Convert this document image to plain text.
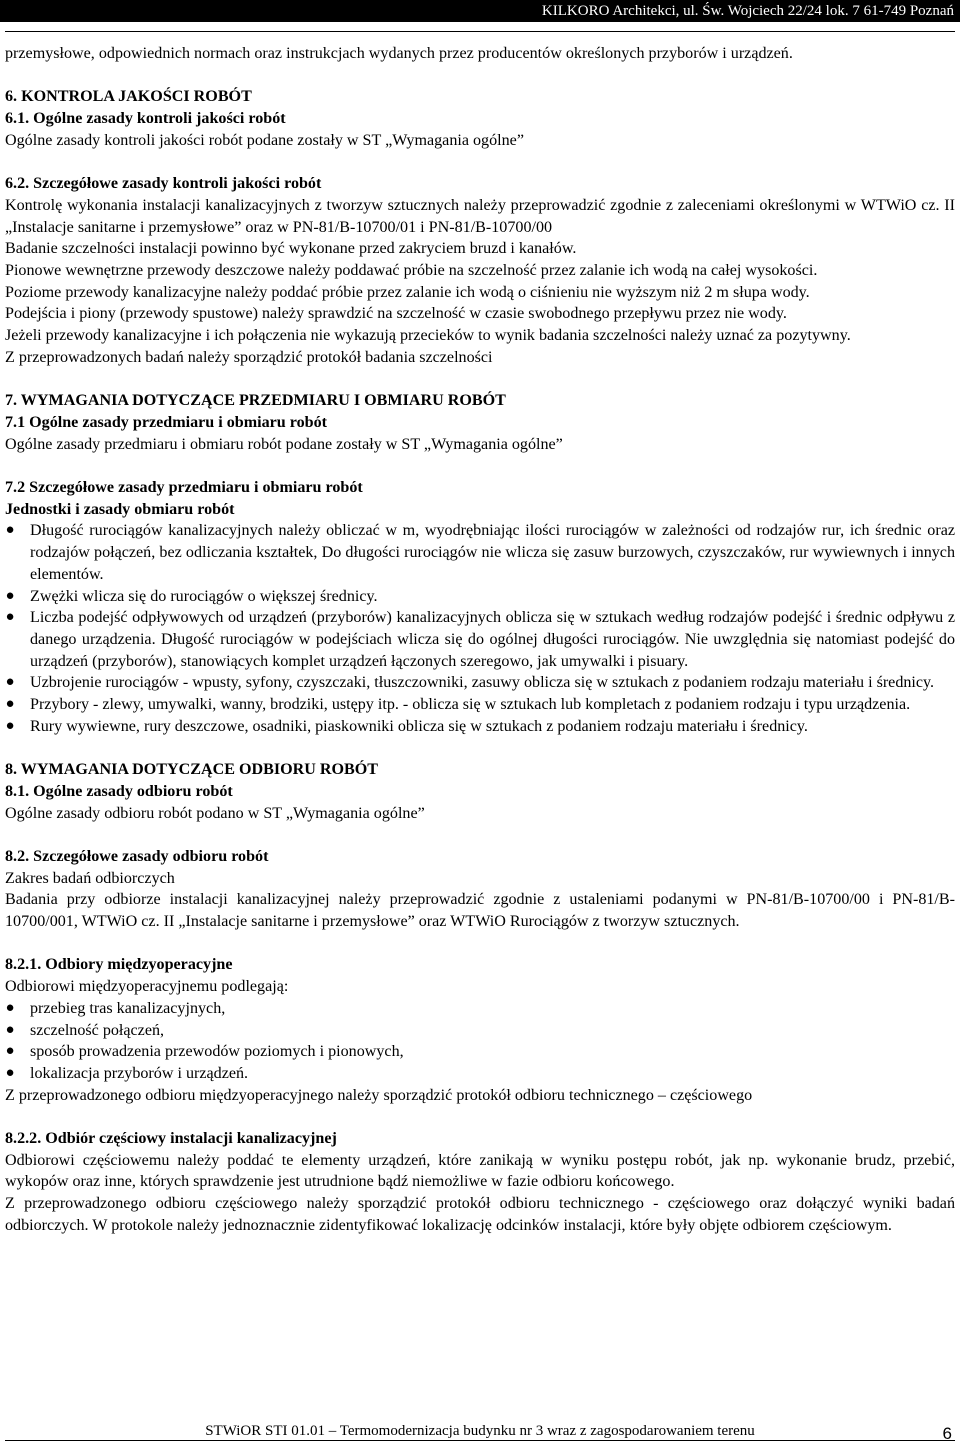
KILKORO Architekci, ul. Św. Wojciech 22/24 lok. 7 61-749 Poznań

przemysłowe, odpowiednich normach oraz instrukcjach wydanych przez producentów określonych przyborów i urządzeń.

6. KONTROLA JAKOŚCI ROBÓT

6.1. Ogólne zasady kontroli jakości robót

Ogólne zasady kontroli jakości robót podane zostały w ST „Wymagania ogólne”

6.2. Szczegółowe zasady kontroli jakości robót

Kontrolę wykonania instalacji kanalizacyjnych z tworzyw sztucznych należy przeprowadzić zgodnie z zaleceniami określonymi w WTWiO cz. II „Instalacje sanitarne i przemysłowe” oraz w PN-81/B-10700/01 i PN-81/B-10700/00

Badanie szczelności instalacji powinno być wykonane przed zakryciem bruzd i kanałów.

Pionowe wewnętrzne przewody deszczowe należy poddawać próbie na szczelność przez zalanie ich wodą na całej wysokości.

Poziome przewody kanalizacyjne należy poddać próbie przez zalanie ich wodą o ciśnieniu nie wyższym niż 2 m słupa wody.

Podejścia i piony (przewody spustowe) należy sprawdzić na szczelność w czasie swobodnego przepływu przez nie wody.

Jeżeli przewody kanalizacyjne i ich połączenia nie wykazują przecieków to wynik badania szczelności należy uznać za pozytywny.

Z przeprowadzonych badań należy sporządzić protokół badania szczelności

7. WYMAGANIA DOTYCZĄCE PRZEDMIARU I OBMIARU ROBÓT

7.1 Ogólne zasady przedmiaru i obmiaru robót

Ogólne zasady przedmiaru i obmiaru robót podane zostały w ST „Wymagania ogólne”

7.2 Szczegółowe zasady przedmiaru i obmiaru robót

Jednostki i zasady obmiaru robót

● Długość rurociągów kanalizacyjnych należy obliczać w m, wyodrębniając ilości rurociągów w zależności od rodzajów rur, ich średnic oraz rodzajów połączeń, bez odliczania kształtek, Do długości rurociągów nie wlicza się zasuw burzowych, czyszczaków, rur wywiewnych i innych elementów.
● Zwężki wlicza się do rurociągów o większej średnicy.
● Liczba podejść odpływowych od urządzeń (przyborów) kanalizacyjnych oblicza się w sztukach według rodzajów podejść i średnic odpływu z danego urządzenia. Długość rurociągów w podejściach wlicza się do ogólnej długości rurociągów. Nie uwzględnia się natomiast podejść do urządzeń (przyborów), stanowiących komplet urządzeń łączonych szeregowo, jak umywalki i pisuary.
● Uzbrojenie rurociągów - wpusty, syfony, czyszczaki, tłuszczowniki, zasuwy oblicza się w sztukach z podaniem rodzaju materiału i średnicy.
● Przybory - zlewy, umywalki, wanny, brodziki, ustępy itp. - oblicza się w sztukach lub kompletach z podaniem rodzaju i typu urządzenia.
● Rury wywiewne, rury deszczowe, osadniki, piaskowniki oblicza się w sztukach z podaniem rodzaju materiału i średnicy.

8. WYMAGANIA DOTYCZĄCE ODBIORU ROBÓT

8.1. Ogólne zasady odbioru robót

Ogólne zasady odbioru robót podano w ST „Wymagania ogólne”

8.2. Szczegółowe zasady odbioru robót

Zakres badań odbiorczych

Badania przy odbiorze instalacji kanalizacyjnej należy przeprowadzić zgodnie z ustaleniami podanymi w PN-81/B-10700/00 i PN-81/B-10700/001, WTWiO cz. II „Instalacje sanitarne i przemysłowe” oraz WTWiO Rurociągów z tworzyw sztucznych.

8.2.1. Odbiory międzyoperacyjne

Odbiorowi międzyoperacyjnemu podlegają:

● przebieg tras kanalizacyjnych,
● szczelność połączeń,
● sposób prowadzenia przewodów poziomych i pionowych,
● lokalizacja przyborów i urządzeń.

Z przeprowadzonego odbioru międzyoperacyjnego należy sporządzić protokół odbioru technicznego – częściowego

8.2.2. Odbiór częściowy instalacji kanalizacyjnej

Odbiorowi częściowemu należy poddać te elementy urządzeń, które zanikają w wyniku postępu robót, jak np. wykonanie brudz, przebić, wykopów oraz inne, których sprawdzenie jest utrudnione bądź niemożliwe w fazie odbioru końcowego.

Z przeprowadzonego odbioru częściowego należy sporządzić protokół odbioru technicznego - częściowego oraz dołączyć wyniki badań odbiorczych. W protokole należy jednoznacznie zidentyfikować lokalizację odcinków instalacji, które były objęte odbiorem częściowym.

STWiOR STI 01.01 – Termomodernizacja budynku nr 3 wraz z zagospodarowaniem terenu	6
